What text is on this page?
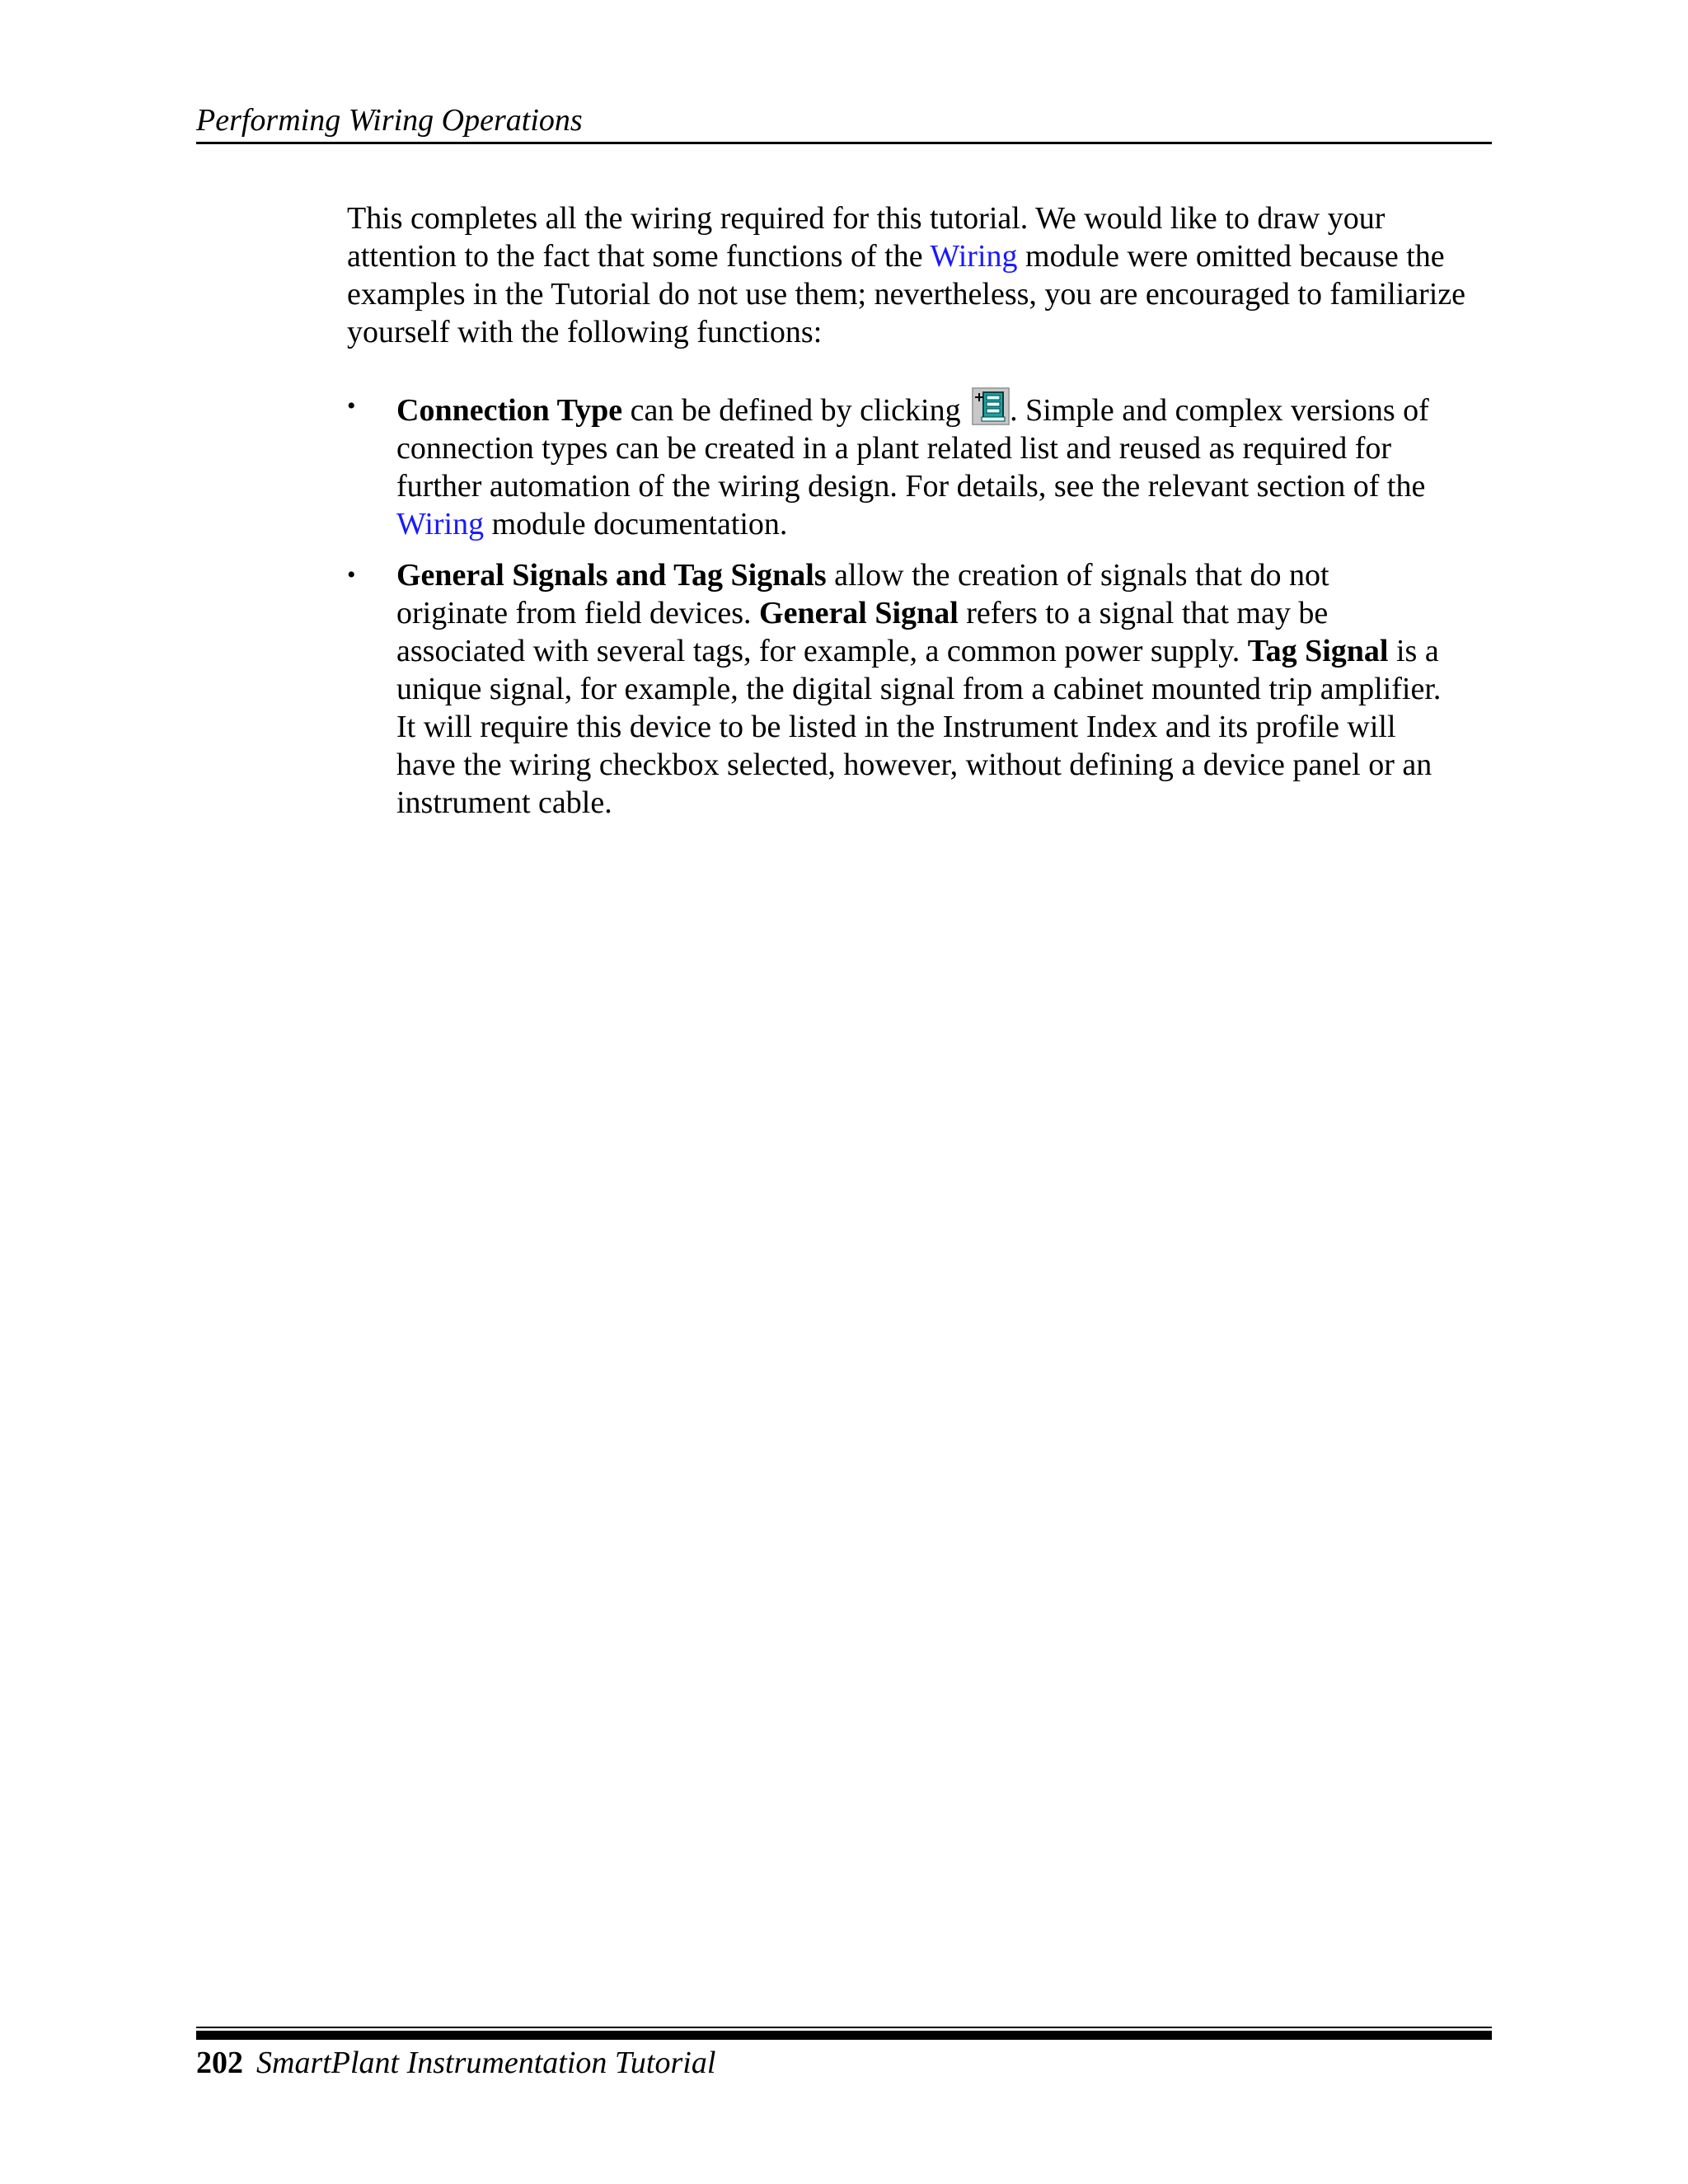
Performing Wiring Operations
This completes all the wiring required for this tutorial. We would like to draw your attention to the fact that some functions of the Wiring module were omitted because the examples in the Tutorial do not use them; nevertheless, you are encouraged to familiarize yourself with the following functions:
•	Connection Type can be defined by clicking . Simple and complex versions of connection types can be created in a plant related list and reused as required for further automation of the wiring design. For details, see the relevant section of the Wiring module documentation.
•	General Signals and Tag Signals allow the creation of signals that do not originate from field devices. General Signal refers to a signal that may be associated with several tags, for example, a common power supply. Tag Signal is a unique signal, for example, the digital signal from a cabinet mounted trip amplifier. It will require this device to be listed in the Instrument Index and its profile will have the wiring checkbox selected, however, without defining a device panel or an instrument cable.
202 SmartPlant Instrumentation Tutorial
